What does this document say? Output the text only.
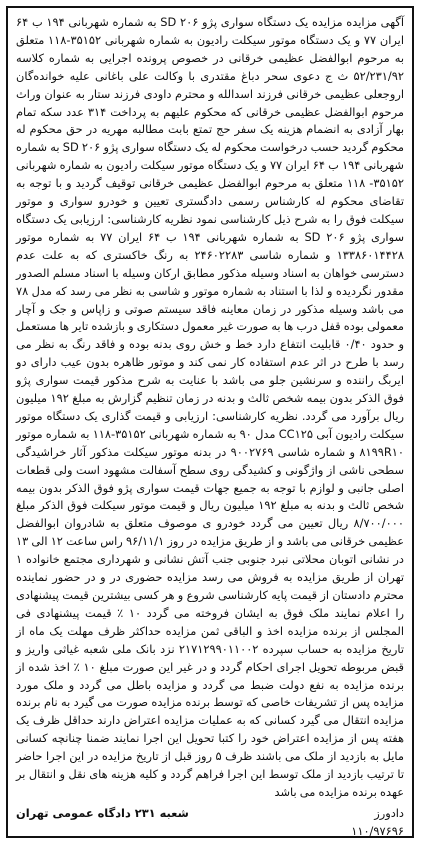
آگهی مزایده مزایده یک دستگاه سواری پژو ۲۰۶ SD به شماره شهربانی ۱۹۴ ب ۶۴ ایران ۷۷ و یک دستگاه موتور سیکلت رادیون به شماره شهربانی ۳۵۱۵۲-۱۱۸ متعلق به مرحوم ابوالفضل عظیمی خرقانی در خصوص پرونده اجرایی به شماره کلاسه ۵۲/۲۳۱/۹۲ ث ج دعوی سحر دباغ مقتدری با وکالت علی باغانی علیه خوانده‌گان اروجعلی عظیمی خرقانی فرزند اسدالله و محترم داودی فرزند ستار به عنوان وراث مرحوم ابوالفضل عظیمی خرقانی که محکوم علیهم به پرداخت ۳۱۴ عدد سکه تمام بهار آزادی به انضمام هزینه یک سفر حج تمتع بابت مطالبه مهریه در حق محکوم له محکوم گردید حسب درخواست محکوم له یک دستگاه سواری پژو SD ۲۰۶ به شماره شهربانی ۱۹۴ ب ۶۴ ایران ۷۷ و یک دستگاه موتور سیکلت رادیون به شماره شهربانی ۳۵۱۵۲- ۱۱۸ متعلق به مرحوم ابوالفضل عظیمی خرقانی توقیف گردید و با توجه به تقاضای محکوم له کارشناس رسمی دادگستری تعیین و خودرو سواری و موتور سیکلت فوق را به شرح ذیل کارشناسی نمود نظریه کارشناسی: ارزیابی یک دستگاه سواری پژو ۲۰۶ SD به شماره شهربانی ۱۹۴ ب ۶۴ ایران ۷۷ به شماره موتور ۱۳۳۸۶۰۱۴۴۲۸ و شماره شاسی ۲۴۶۰۲۲۸۳ به رنگ خاکستری که به علت عدم دسترسی خواهان به اسناد وسیله مذکور مطابق ارکان وسیله با اسناد مسلم الصدور مقدور نگردیده و لذا با استناد به شماره موتور و شاسی به نظر می رسد که مدل ۷۸ می باشد وسیله مذکور در زمان معاینه فاقد سیستم صوتی و زاپاس و جک و آچار معمولی بوده قفل درب ها به صورت غیر معمول دستکاری و بازشده تایر ها مستعمل و حدود ۰/۴۰ قابلیت انتفاع دارد خط و خش روی بدنه بوده و فاقد رنگ به نظر می رسد با طرح در اثر عدم استفاده کار نمی کند و موتور ظاهره بدون عیب دارای دو ایربگ راننده و سرنشین جلو می باشد با عنایت به شرح مذکور قیمت سواری پژو فوق الذکر بدون بیمه شخص ثالث و بدنه در زمان تنظیم گزارش به مبلغ ۱۹۲ میلیون ریال برآورد می گردد. نظریه کارشناسی: ارزیابی و قیمت گذاری یک دستگاه موتور سیکلت رادیون آبی CC۱۲۵ مدل ۹۰ به شماره شهربانی ۳۵۱۵۲-۱۱۸ به شماره موتور ۸۱۹۹R۱۰ و شماره شاسی ۹۰۰۲۷۶۹ در بدنه موتور سیکلت مذکور آثار خراشیدگی سطحی ناشی از واژگونی و کشیدگی روی سطح آسفالت مشهود است ولی قطعات اصلی جانبی و لوازم با توجه به جمیع جهات قیمت سواری پژو فوق الذکر بدون بیمه شخص ثالث و بدنه به مبلغ ۱۹۲ میلیون ریال و قیمت موتور سیکلت فوق الذکر مبلغ ۸/۷۰۰/۰۰۰ ریال تعیین می گردد خودرو ی موصوف متعلق به شادروان ابوالفضل عظیمی خرقانی می باشد و از طریق مزایده در روز ۹۶/۱۱/۱ راس ساعت ۱۲ الی ۱۳ در نشانی اتوبان محلاتی نبرد جنوبی جنب آتش نشانی و شهرداری مجتمع خانواده ۱ تهران از طریق مزایده به فروش می رسد مزایده حضوری در و در حضور نماینده محترم دادستان از قیمت پایه کارشناسی شروع و هر کسی بیشترین قیمت پیشنهادی را اعلام نمایند ملک فوق به ایشان فروخته می گردد ۱۰ ٪ قیمت پیشنهادی فی المجلس از برنده مزایده اخذ و الباقی ثمن مزایده حداکثر ظرف مهلت یک ماه از تاریخ مزایده به حساب سپرده ۲۱۷۱۲۹۹۰۱۱۰۰۲ نزد بانک ملی شعبه غیاثی واریز و قبض مربوطه تحویل اجرای احکام گردد و در غیر این صورت مبلغ ۱۰ ٪ اخذ شده از برنده مزایده به نفع دولت ضبط می گردد و مزایده باطل می گردد و ملک مورد مزایده پس از تشریفات خاصی که توسط برنده مزایده صورت می گیرد به نام برنده مزایده انتقال می گیرد کسانی که به عملیات مزایده اعتراض دارند حداقل ظرف یک هفته پس از مزایده اعتراض خود را کتبا تحویل این اجرا نمایند ضمنا چنانچه کسانی مایل به بازدید از ملک می باشند ظرف ۵ روز قبل از تاریخ مزایده در این اجرا حاضر تا ترتیب بازدید از ملک توسط این اجرا فراهم گردد و کلیه هزینه های نقل و انتقال بر عهده برنده مزایده می باشد

دادورز
شعبه ۲۳۱ دادگاه عمومی تهران
۱۱۰/۹۷۶۹۶
